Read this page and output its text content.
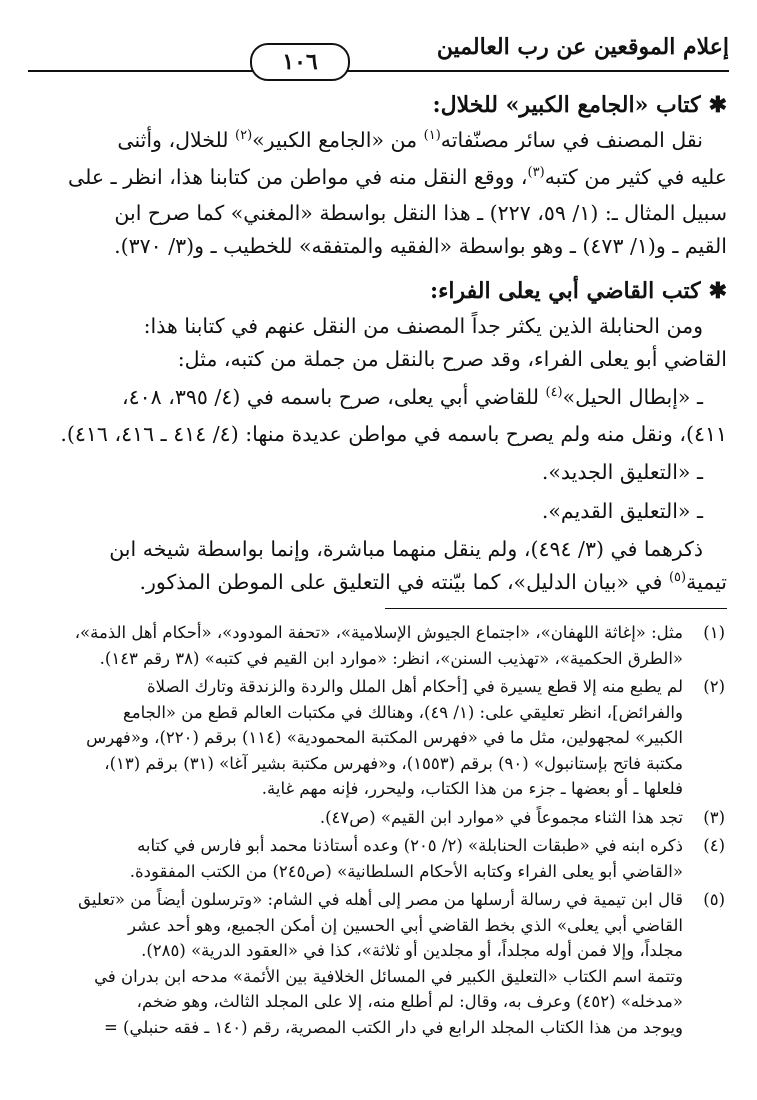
إعلام الموقعين عن رب العالمين
١٠٦
✱كتاب «الجامع الكبير» للخلال:

نقل المصنف في سائر مصنّفاته$^{(١)}$ من «الجامع الكبير»$^{(٢)}$ للخلال، وأثنى

عليه في كثير من كتبه$^{(٣)}$، ووقع النقل منه في مواطن من كتابنا هذا، انظر ـ على

سبيل المثال ـ: (١/ ٥٩، ٢٢٧) ـ هذا النقل بواسطة «المغني» كما صرح ابن

القيم ـ و(١/ ٤٧٣) ـ وهو بواسطة «الفقيه والمتفقه» للخطيب ـ و(٣/ ٣٧٠).

✱كتب القاضي أبي يعلى الفراء:

ومن الحنابلة الذين يكثر جداً المصنف من النقل عنهم في كتابنا هذا:

القاضي أبو يعلى الفراء، وقد صرح بالنقل من جملة من كتبه، مثل:

ـ «إبطال الحيل»$^{(٤)}$ للقاضي أبي يعلى، صرح باسمه في (٤/ ٣٩٥، ٤٠٨،

٤١١)، ونقل منه ولم يصرح باسمه في مواطن عديدة منها: (٤/ ٤١٤ ـ ٤١٦، ٤١٦).

ـ «التعليق الجديد».

ـ «التعليق القديم».

ذكرهما في (٣/ ٤٩٤)، ولم ينقل منهما مباشرة، وإنما بواسطة شيخه ابن

تيمية$^{(٥)}$ في «بيان الدليل»، كما بيّنته في التعليق على الموطن المذكور.

(١)

مثل: «إغاثة اللهفان»، «اجتماع الجيوش الإسلامية»، «تحفة المودود»، «أحكام أهل الذمة»،

«الطرق الحكمية»، «تهذيب السنن»، انظر: «موارد ابن القيم في كتبه» (٣٨ رقم ١٤٣).

(٢)

لم يطبع منه إلا قطع يسيرة في [أحكام أهل الملل والردة والزندقة وتارك الصلاة

والفرائض]، انظر تعليقي على: (١/ ٤٩)، وهنالك في مكتبات العالم قطع من «الجامع

الكبير» لمجهولين، مثل ما في «فهرس المكتبة المحمودية» (١١٤) برقم (٢٢٠)، و«فهرس

مكتبة فاتح بإستانبول» (٩٠) برقم (١٥٥٣)، و«فهرس مكتبة بشير آغا» (٣١) برقم (١٣)،

فلعلها ـ أو بعضها ـ جزء من هذا الكتاب، وليحرر، فإنه مهم غاية.

(٣)

تجد هذا الثناء مجموعاً في «موارد ابن القيم» (ص٤٧).

(٤)

ذكره ابنه في «طبقات الحنابلة» (٢/ ٢٠٥) وعده أستاذنا محمد أبو فارس في كتابه

«القاضي أبو يعلى الفراء وكتابه الأحكام السلطانية» (ص٢٤٥) من الكتب المفقودة.

(٥)

قال ابن تيمية في رسالة أرسلها من مصر إلى أهله في الشام: «وترسلون أيضاً من «تعليق

القاضي أبي يعلى» الذي بخط القاضي أبي الحسين إن أمكن الجميع، وهو أحد عشر

مجلداً، وإلا فمن أوله مجلداً، أو مجلدين أو ثلاثة»، كذا في «العقود الدرية» (٢٨٥).

وتتمة اسم الكتاب «التعليق الكبير في المسائل الخلافية بين الأئمة» مدحه ابن بدران في

«مدخله» (٤٥٢) وعرف به، وقال: لم أطلع منه، إلا على المجلد الثالث، وهو ضخم،

ويوجد من هذا الكتاب المجلد الرابع في دار الكتب المصرية، رقم (١٤٠ ـ فقه حنبلي) =
